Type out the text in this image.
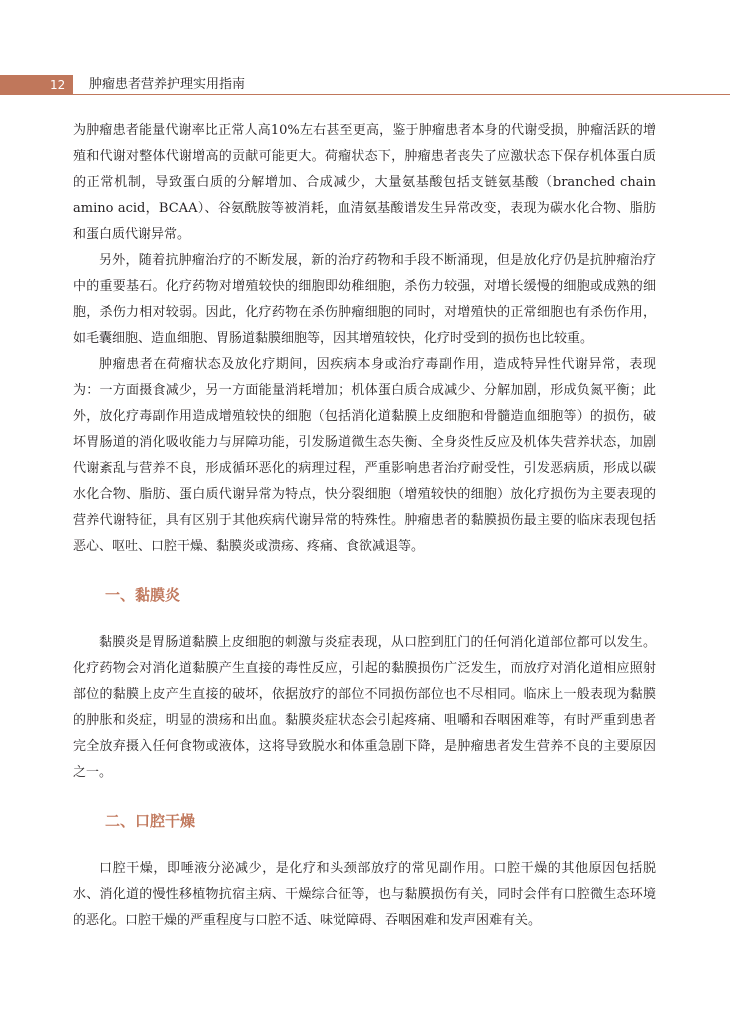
12 肿瘤患者营养护理实用指南

为肿瘤患者能量代谢率比正常人高10%左右甚至更高，鉴于肿瘤患者本身的代谢受损，肿瘤活跃的增殖和代谢对整体代谢增高的贡献可能更大。荷瘤状态下，肿瘤患者丧失了应激状态下保存机体蛋白质的正常机制，导致蛋白质的分解增加、合成减少，大量氨基酸包括支链氨基酸（branched chain amino acid，BCAA）、谷氨酰胺等被消耗，血清氨基酸谱发生异常改变，表现为碳水化合物、脂肪和蛋白质代谢异常。

另外，随着抗肿瘤治疗的不断发展，新的治疗药物和手段不断涌现，但是放化疗仍是抗肿瘤治疗中的重要基石。化疗药物对增殖较快的细胞即幼稚细胞，杀伤力较强，对增长缓慢的细胞或成熟的细胞，杀伤力相对较弱。因此，化疗药物在杀伤肿瘤细胞的同时，对增殖快的正常细胞也有杀伤作用，如毛囊细胞、造血细胞、胃肠道黏膜细胞等，因其增殖较快，化疗时受到的损伤也比较重。

肿瘤患者在荷瘤状态及放化疗期间，因疾病本身或治疗毒副作用，造成特异性代谢异常，表现为：一方面摄食减少，另一方面能量消耗增加；机体蛋白质合成减少、分解加剧，形成负氮平衡；此外，放化疗毒副作用造成增殖较快的细胞（包括消化道黏膜上皮细胞和骨髓造血细胞等）的损伤，破坏胃肠道的消化吸收能力与屏障功能，引发肠道微生态失衡、全身炎性反应及机体失营养状态，加剧代谢紊乱与营养不良，形成循环恶化的病理过程，严重影响患者治疗耐受性，引发恶病质，形成以碳水化合物、脂肪、蛋白质代谢异常为特点，快分裂细胞（增殖较快的细胞）放化疗损伤为主要表现的营养代谢特征，具有区别于其他疾病代谢异常的特殊性。肿瘤患者的黏膜损伤最主要的临床表现包括恶心、呕吐、口腔干燥、黏膜炎或溃疡、疼痛、食欲减退等。

一、黏膜炎

黏膜炎是胃肠道黏膜上皮细胞的刺激与炎症表现，从口腔到肛门的任何消化道部位都可以发生。化疗药物会对消化道黏膜产生直接的毒性反应，引起的黏膜损伤广泛发生，而放疗对消化道相应照射部位的黏膜上皮产生直接的破坏，依据放疗的部位不同损伤部位也不尽相同。临床上一般表现为黏膜的肿胀和炎症，明显的溃疡和出血。黏膜炎症状态会引起疼痛、咀嚼和吞咽困难等，有时严重到患者完全放弃摄入任何食物或液体，这将导致脱水和体重急剧下降，是肿瘤患者发生营养不良的主要原因之一。

二、口腔干燥

口腔干燥，即唾液分泌减少，是化疗和头颈部放疗的常见副作用。口腔干燥的其他原因包括脱水、消化道的慢性移植物抗宿主病、干燥综合征等，也与黏膜损伤有关，同时会伴有口腔微生态环境的恶化。口腔干燥的严重程度与口腔不适、味觉障碍、吞咽困难和发声困难有关。
